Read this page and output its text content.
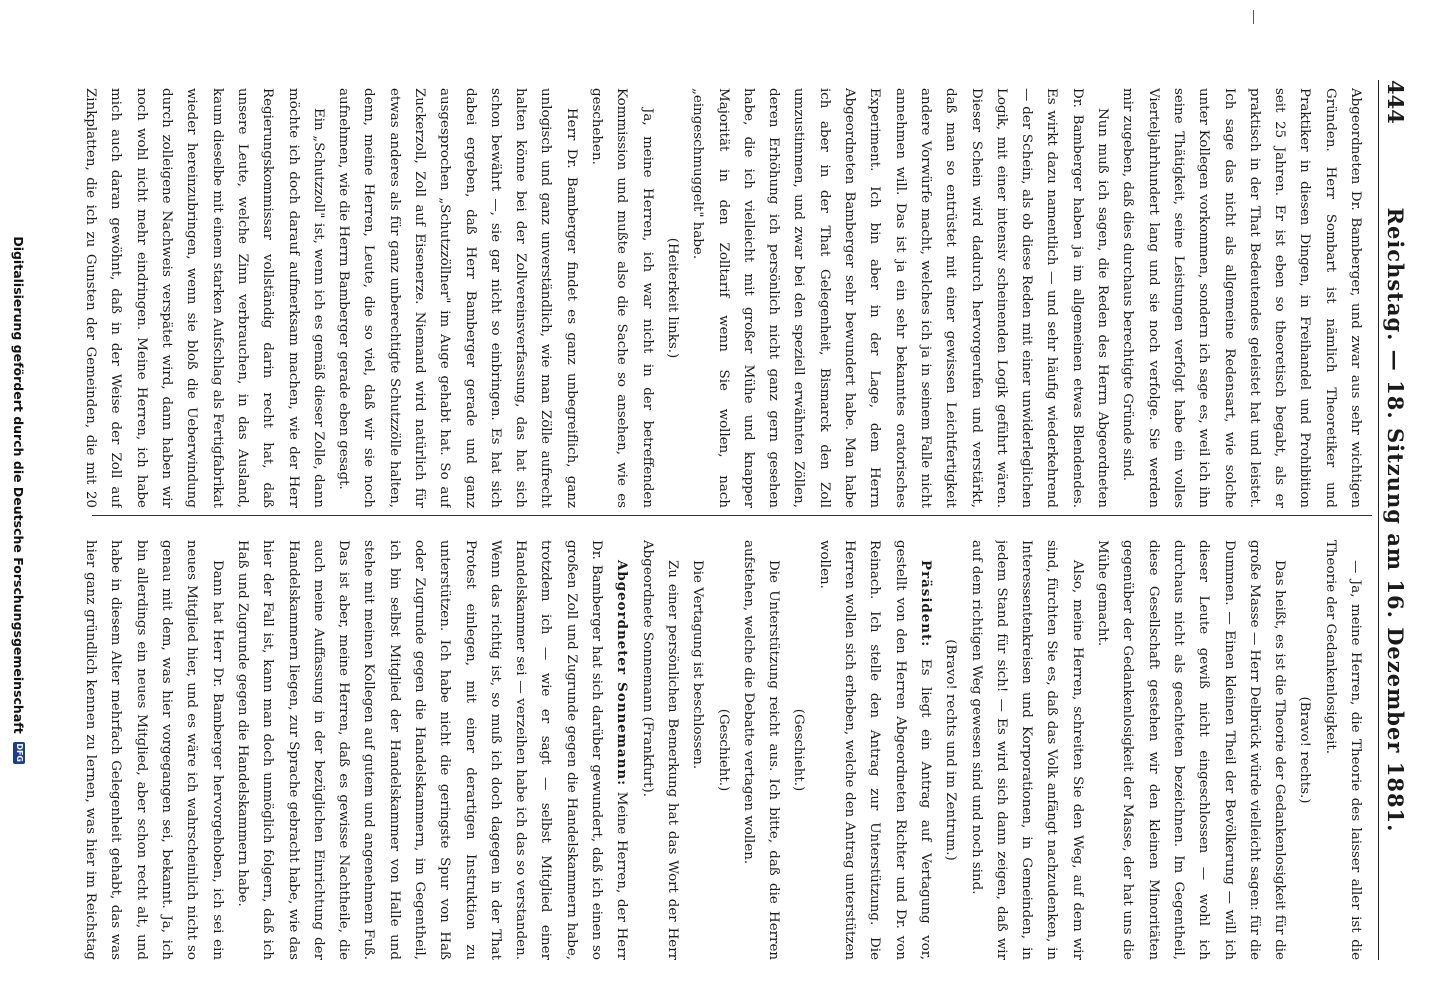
444
Reichstag. — 18. Sitzung am 16. Dezember 1881.

Abgeordneten Dr. Bamberger, und zwar aus sehr wichtigen Gründen. Herr Sombart ist nämlich Theoretiker und Praktiker in diesen Dingen, in Freihandel und Prohibition seit 25 Jahren. Er ist eben so theoretisch begabt, als er praktisch in der That Bedeutendes geleistet hat und leistet. Ich sage das nicht als allgemeine Redensart, wie solche unter Kollegen vorkommen, sondern ich sage es, weil ich ihn seine Thätigkeit, seine Leistungen verfolgt habe ein volles Vierteljahrhundert lang und sie noch verfolge. Sie werden mir zugeben, daß dies durchaus berechtigte Gründe sind.

Nun muß ich sagen, die Reden des Herrn Abgeordneten Dr. Bamberger haben ja im allgemeinen etwas Blendendes. Es wirkt dazu namentlich — und sehr häufig wiederkehrend — der Schein, als ob diese Reden mit einer unwiderleglichen Logik, mit einer intensiv scheinenden Logik geführt wären. Dieser Schein wird dadurch hervorgerufen und verstärkt, daß man so entrüstet mit einer gewissen Leichtfertigkeit andere Vorwürfe macht, welches ich ja in seinem Falle nicht annehmen will. Das ist ja ein sehr bekanntes oratorisches Experiment. Ich bin aber in der Lage, dem Herrn Abgeordneten Bamberger sehr bewundert habe. Man habe ich aber in der That Gelegenheit, Bismarck den Zoll umzustimmen, und zwar bei den speziell erwähnten Zöllen, deren Erhöhung ich persönlich nicht ganz gern gesehen habe, die ich vielleicht mit großer Mühe und knapper Majorität in den Zolltarif wenn Sie wollen, nach „eingeschmuggelt" habe.

(Heiterkeit links.)

Ja, meine Herren, ich war nicht in der betreffenden Kommission und mußte also die Sache so ansehen, wie es geschehen.

Herr Dr. Bamberger findet es ganz unbegreiflich, ganz unlogisch und ganz unverständlich, wie man Zölle aufrecht halten könne bei der Zollvereinsverfassung, das hat sich schon bewährt —, sie gar nicht so einbringen. Es hat sich dabei ergeben, daß Herr Bamberger gerade und ganz ausgesprochen „Schutzzöllner" im Auge gehabt hat. So auf Zuckerzoll, Zoll auf Eisenerze. Niemand wird natürlich für etwas anderes als für ganz unberechtigte Schutzzölle halten, denn, meine Herren, Leute, die so viel, daß wir sie noch aufnehmen, wie die Herrn Bamberger gerade eben gesagt.

Ein „Schutzzoll" ist, wenn ich es gemäß dieser Zolle, dann möchte ich doch darauf aufmerksam machen, wie der Herr Regierungskommissar vollständig darin recht hat, daß unsere Leute, welche Zinn verbrauchen, in das Ausland, kaum dieselbe mit einem starken Aufschlag als Fertigfabrikat wieder hereinzubringen, wenn sie bloß die Ueberwindung durch zolleigene Nachweis verspätet wird, dann haben wir noch wohl nicht mehr eindringen. Meine Herren, ich habe mich auch daran gewöhnt, daß in der Weise der Zoll auf Zinkplatten, die ich zu Gunsten der Gemeinden, die mit 20

— Ja, meine Herren, die Theorie des laisser aller ist die Theorie der Gedankenlosigkeit.

(Bravo! rechts.)

Das heißt, es ist die Theorie der Gedankenlosigkeit für die große Masse — Herr Delbrück würde vielleicht sagen: für die Dummen. — Einen kleinen Theil der Bevölkerung — will ich dieser Leute gewiß nicht eingeschlossen — wohl ich durchaus nicht als geachteten bezeichnen. Im Gegentheil, diese Gesellschaft gestehen wir den kleinen Minoritäten gegenüber der Gedankenlosigkeit der Masse, der hat uns die Mühe gemacht.

Also, meine Herren, schreiten Sie den Weg, auf dem wir sind, fürchten Sie es, daß das Volk anfängt nachzudenken, in Interessentenkreisen und Korporationen, in Gemeinden, in jedem Stand für sich! — Es wird sich dann zeigen, daß wir auf dem richtigen Weg gewesen sind und noch sind.

(Bravo! rechts und im Zentrum.)

Präsident: Es liegt ein Antrag auf Vertagung vor, gestellt von den Herren Abgeordneten Richter und Dr. von Reinach. Ich stelle den Antrag zur Unterstützung. Die Herren wollen sich erheben, welche den Antrag unterstützen wollen.

(Geschieht.)

Die Unterstützung reicht aus. Ich bitte, daß die Herren aufstehen, welche die Debatte vertagen wollen.

(Geschieht.)

Die Vertagung ist beschlossen.

Zu einer persönlichen Bemerkung hat das Wort der Herr Abgeordnete Sonnemann (Frankfurt).

Abgeordneter Sonnemann: Meine Herren, der Herr Dr. Bamberger hat sich darüber gewundert, daß ich einen so großen Zoll und Zugrunde gegen die Handelskammern habe, trotzdem ich — wie er sagt — selbst Mitglied einer Handelskammer sei — verzeihen habe ich das so verstanden. Wenn das richtig ist, so muß ich doch dagegen in der That Protest einlegen, mit einer derartigen Instruktion zu unterstützen. Ich habe nicht die geringste Spur von Haß oder Zugrunde gegen die Handelskammern, im Gegentheil, ich bin selbst Mitglied der Handelskammer von Halle und stehe mit meinen Kollegen auf gutem und angenehmem Fuß. Das ist aber, meine Herren, daß es gewisse Nachtheile, die auch meine Auffassung in der bezüglichen Einrichtung der Handelskammern liegen, zur Sprache gebracht habe, wie das hier der Fall ist, kann man doch unmöglich folgern, daß ich Haß und Zugrunde gegen die Handelskammern habe.

Dann hat Herr Dr. Bamberger hervorgehoben, ich sei ein neues Mitglied hier, und es wäre ich wahrscheinlich nicht so genau mit dem, was hier vorgegangen sei, bekannt. Ja, ich bin allerdings ein neues Mitglied, aber schon recht alt, und habe in diesem Alter mehrfach Gelegenheit gehabt, das was hier ganz gründlich kennen zu lernen, was hier im Reichstag

Digitalisierung gefördert durch die Deutsche Forschungsgemeinschaft
DFG
